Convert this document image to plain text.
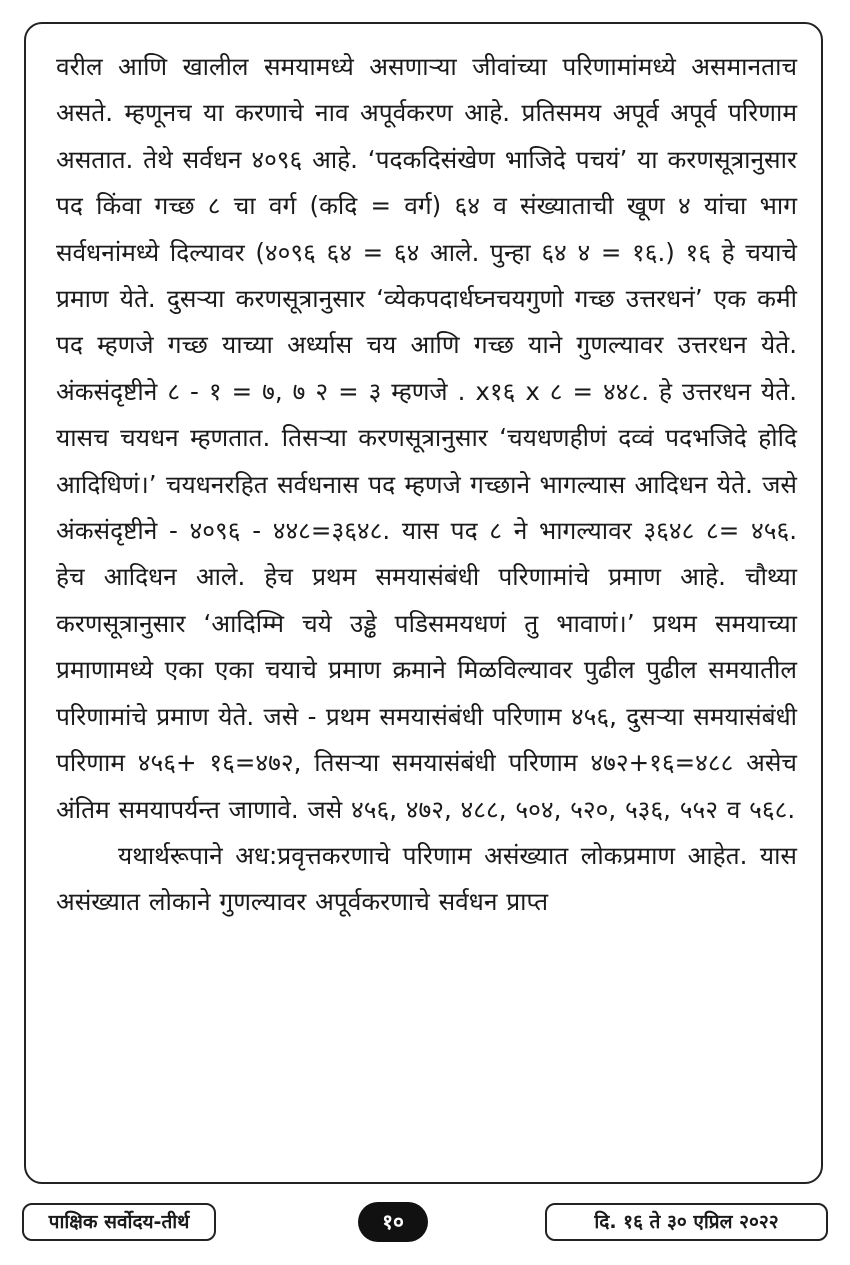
वरील आणि खालील समयामध्ये असणाऱ्या जीवांच्या परिणामांमध्ये असमानताच असते. म्हणूनच या करणाचे नाव अपूर्वकरण आहे. प्रतिसमय अपूर्व अपूर्व परिणाम असतात. तेथे सर्वधन ४०९६ आहे. ‘पदकदिसंखेण भाजिदे पचयं’ या करणसूत्रानुसार पद किंवा गच्छ ८ चा वर्ग (कदि = वर्ग) ६४ व संख्याताची खूण ४ यांचा भाग सर्वधनांमध्ये दिल्यावर (४०९६ ६४ = ६४ आले. पुन्हा ६४ ४ = १६.) १६ हे चयाचे प्रमाण येते. दुसऱ्या करणसूत्रानुसार ‘व्येकपदार्धघ्नचयगुणो गच्छ उत्तरधनं’ एक कमी पद म्हणजे गच्छ याच्या अर्ध्यास चय आणि गच्छ याने गुणल्यावर उत्तरधन येते. अंकसंदृष्टीने ८ - १ = ७, ७ २ = ३ म्हणजे . x१६ x ८ = ४४८. हे उत्तरधन येते. यासच चयधन म्हणतात. तिसऱ्या करणसूत्रानुसार ‘चयधणहीणं दव्वं पदभजिदे होदि आदिधिणं।’ चयधनरहित सर्वधनास पद म्हणजे गच्छाने भागल्यास आदिधन येते. जसे अंकसंदृष्टीने - ४०९६ - ४४८=३६४८. यास पद ८ ने भागल्यावर ३६४८ ८= ४५६. हेच आदिधन आले. हेच प्रथम समयासंबंधी परिणामांचे प्रमाण आहे. चौथ्या करणसूत्रानुसार ‘आदिम्मि चये उड्ढे पडिसमयधणं तु भावाणं।’ प्रथम समयाच्या प्रमाणामध्ये एका एका चयाचे प्रमाण क्रमाने मिळविल्यावर पुढील पुढील समयातील परिणामांचे प्रमाण येते. जसे - प्रथम समयासंबंधी परिणाम ४५६, दुसऱ्या समयासंबंधी परिणाम ४५६+ १६=४७२, तिसऱ्या समयासंबंधी परिणाम ४७२+१६=४८८ असेच अंतिम समयापर्यन्त जाणावे. जसे ४५६, ४७२, ४८८, ५०४, ५२०, ५३६, ५५२ व ५६८.

यथार्थरूपाने अध:प्रवृत्तकरणाचे परिणाम असंख्यात लोकप्रमाण आहेत. यास असंख्यात लोकाने गुणल्यावर अपूर्वकरणाचे सर्वधन प्राप्त

पाक्षिक सर्वोदय-तीर्थ	१०	दि. १६ ते ३० एप्रिल २०२२
